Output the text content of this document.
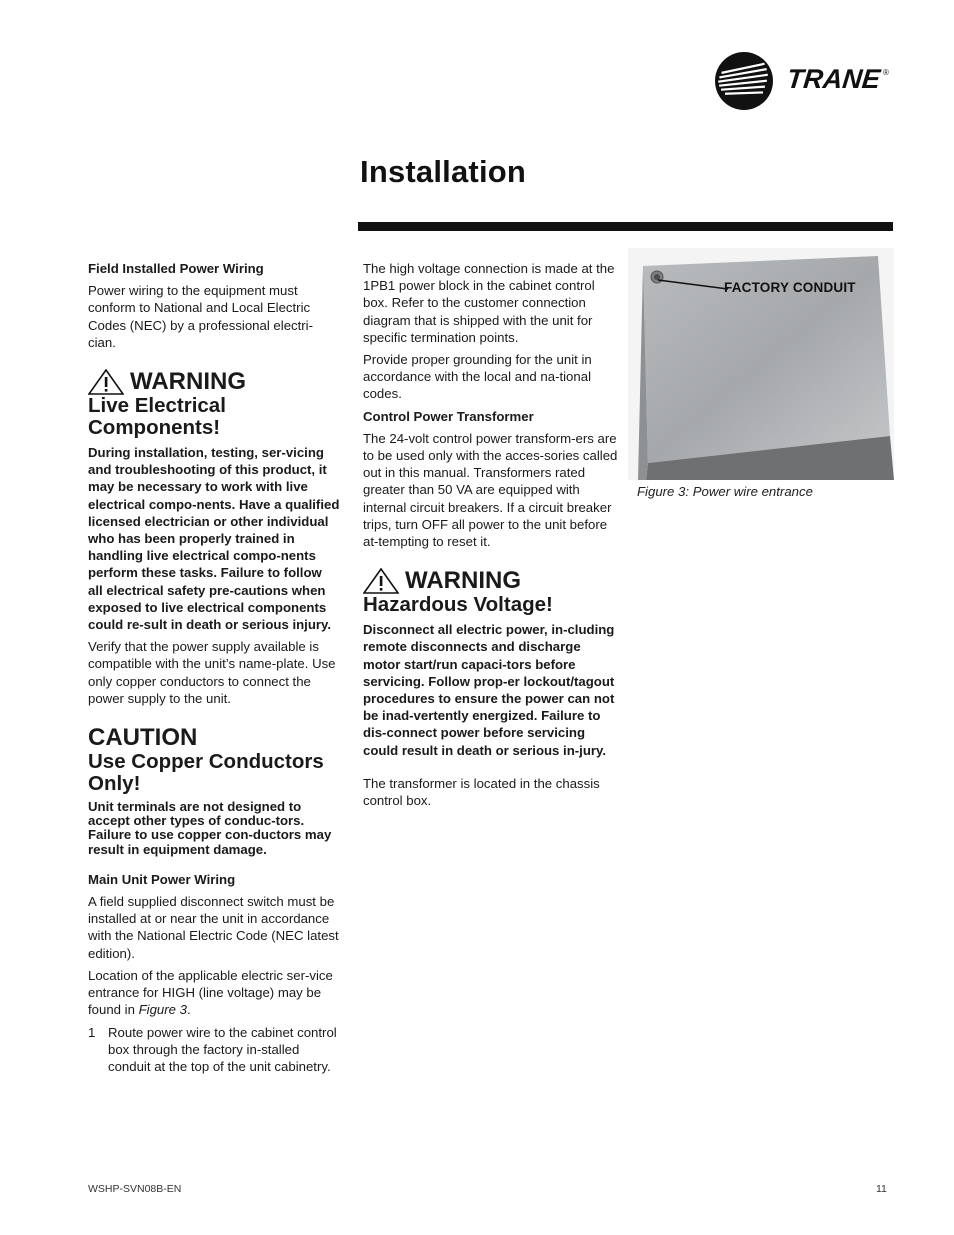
TRANE ®
Installation

Field Installed Power Wiring

Power wiring to the equipment must conform to National and Local Electric Codes (NEC) by a professional electri-cian.

WARNING

Live Electrical Components!

During installation, testing, ser-vicing and troubleshooting of this product, it may be necessary to work with live electrical compo-nents. Have a qualified licensed electrician or other individual who has been properly trained in handling live electrical compo-nents perform these tasks. Failure to follow all electrical safety pre-cautions when exposed to live electrical components could re-sult in death or serious injury.

Verify that the power supply available is compatible with the unit’s name-plate. Use only copper conductors to connect the power supply to the unit.

CAUTION

Use Copper Conductors Only!

Unit terminals are not designed to accept other types of conduc-tors. Failure to use copper con-ductors may result in equipment damage.

Main Unit Power Wiring

A field supplied disconnect switch must be installed at or near the unit in accordance with the National Electric Code (NEC latest edition).

Location of the applicable electric ser-vice entrance for HIGH (line voltage) may be found in Figure 3.

1 Route power wire to the cabinet control box through the factory in-stalled conduit at the top of the unit cabinetry.

The high voltage connection is made at the 1PB1 power block in the cabinet control box. Refer to the customer connection diagram that is shipped with the unit for specific termination points.

Provide proper grounding for the unit in accordance with the local and na-tional codes.

Control Power Transformer

The 24-volt control power transform-ers are to be used only with the acces-sories called out in this manual. Transformers rated greater than 50 VA are equipped with internal circuit breakers. If a circuit breaker trips, turn OFF all power to the unit before at-tempting to reset it.

WARNING

Hazardous Voltage!

Disconnect all electric power, in-cluding remote disconnects and discharge motor start/run capaci-tors before servicing. Follow prop-er lockout/tagout procedures to ensure the power can not be inad-vertently energized. Failure to dis-connect power before servicing could result in death or serious in-jury.

The transformer is located in the chassis control box.

FACTORY CONDUIT
Figure 3: Power wire entrance
WSHP-SVN08B-EN	11
